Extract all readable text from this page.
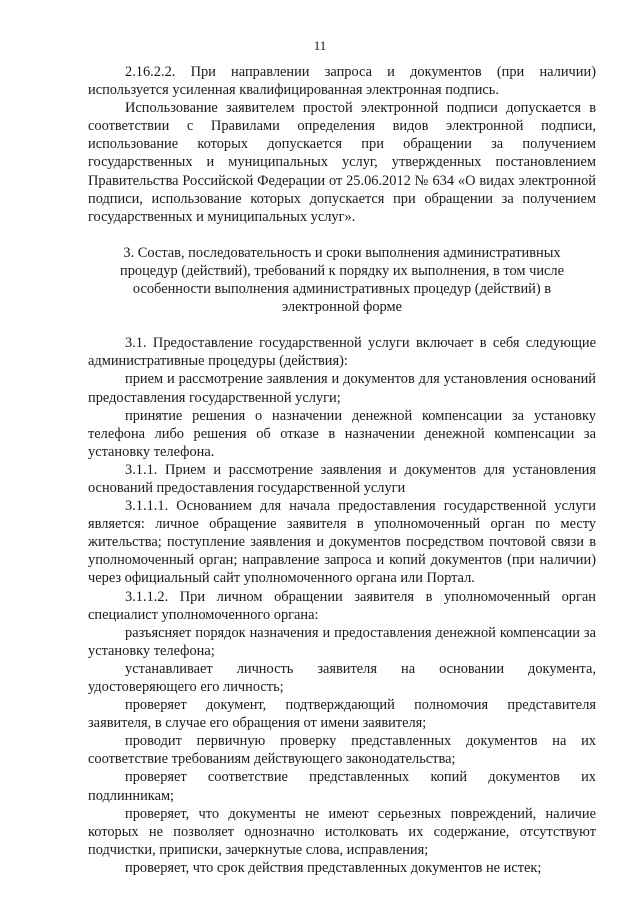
11

2.16.2.2. При направлении запроса и документов (при наличии) используется усиленная квалифицированная электронная подпись.

Использование заявителем простой электронной подписи допускается в соответствии с Правилами определения видов электронной подписи, использование которых допускается при обращении за получением государственных и муниципальных услуг, утвержденных постановлением Правительства Российской Федерации от 25.06.2012 № 634 «О видах электронной подписи, использование которых допускается при обращении за получением государственных и муниципальных услуг».

3. Состав, последовательность и сроки выполнения административных процедур (действий), требований к порядку их выполнения, в том числе особенности выполнения административных процедур (действий) в электронной форме

3.1. Предоставление государственной услуги включает в себя следующие административные процедуры (действия):

прием и рассмотрение заявления и документов для установления оснований предоставления государственной услуги;

принятие решения о назначении денежной компенсации за установку телефона либо решения об отказе в назначении денежной компенсации за установку телефона.

3.1.1. Прием и рассмотрение заявления и документов для установления оснований предоставления государственной услуги

3.1.1.1. Основанием для начала предоставления государственной услуги является: личное обращение заявителя в уполномоченный орган по месту жительства; поступление заявления и документов посредством почтовой связи в уполномоченный орган; направление запроса и копий документов (при наличии) через официальный сайт уполномоченного органа или Портал.

3.1.1.2. При личном обращении заявителя в уполномоченный орган специалист уполномоченного органа:

разъясняет порядок назначения и предоставления денежной компенсации за установку телефона;

устанавливает личность заявителя на основании документа, удостоверяющего его личность;

проверяет документ, подтверждающий полномочия представителя заявителя, в случае его обращения от имени заявителя;

проводит первичную проверку представленных документов на их соответствие требованиям действующего законодательства;

проверяет соответствие представленных копий документов их подлинникам;

проверяет, что документы не имеют серьезных повреждений, наличие которых не позволяет однозначно истолковать их содержание, отсутствуют подчистки, приписки, зачеркнутые слова, исправления;

проверяет, что срок действия представленных документов не истек;
